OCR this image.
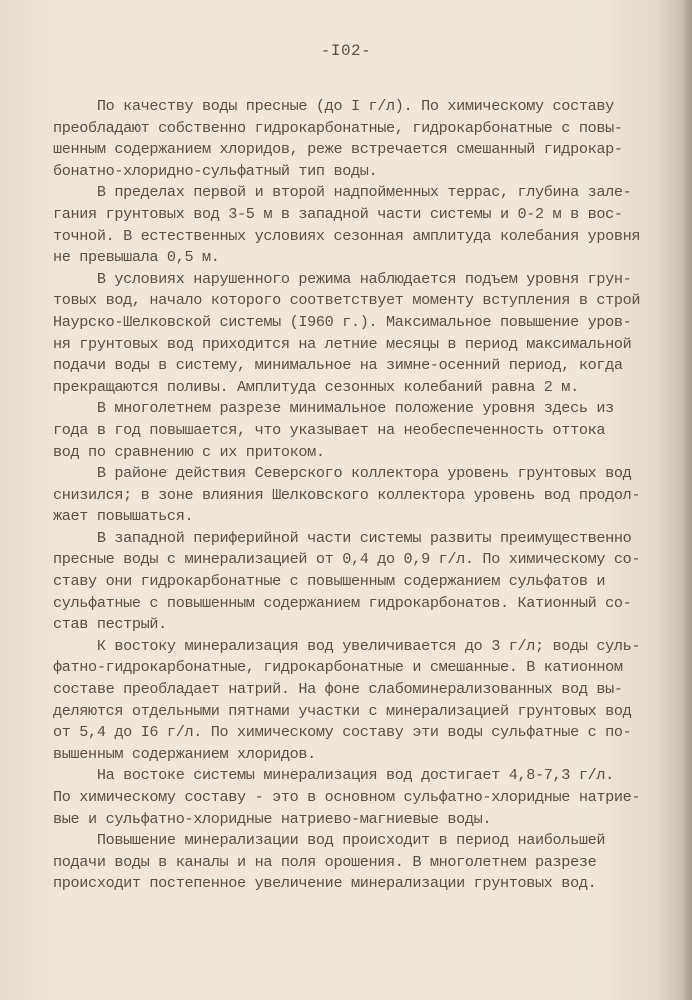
-I02-
По качеству воды пресные (до I г/л). По химическому составу
преобладают собственно гидрокарбонатные, гидрокарбонатные с повы-
шенным содержанием хлоридов, реже встречается смешанный гидрокар-
бонатно-хлоридно-сульфатный тип воды.
В пределах первой и второй надпойменных террас, глубина зале-
гания грунтовых вод 3-5 м в западной части системы и 0-2 м в вос-
точной. В естественных условиях сезонная амплитуда колебания уровня
не превышала 0,5 м.
В условиях нарушенного режима наблюдается подъем уровня грун-
товых вод, начало которого соответствует моменту вступления в строй
Наурско-Шелковской системы (I960 г.). Максимальное повышение уров-
ня грунтовых вод приходится на летние месяцы в период максимальной
подачи воды в систему, минимальное на зимне-осенний период, когда
прекращаются поливы. Амплитуда сезонных колебаний равна 2 м.
В многолетнем разрезе минимальное положение уровня здесь из
года в год повышается, что указывает на необеспеченность оттока
вод по сравнению с их притоком.
В районе действия Северского коллектора уровень грунтовых вод
снизился; в зоне влияния Шелковского коллектора уровень вод продол-
жает повышаться.
В западной периферийной части системы развиты преимущественно
пресные воды с минерализацией от 0,4 до 0,9 г/л. По химическому со-
ставу они гидрокарбонатные с повышенным содержанием сульфатов и
сульфатные с повышенным содержанием гидрокарбонатов. Катионный со-
став пестрый.
К востоку минерализация вод увеличивается до 3 г/л; воды суль-
фатно-гидрокарбонатные, гидрокарбонатные и смешанные. В катионном
составе преобладает натрий. На фоне слабоминерализованных вод вы-
деляются отдельными пятнами участки с минерализацией грунтовых вод
от 5,4 до I6 г/л. По химическому составу эти воды сульфатные с по-
вышенным содержанием хлоридов.
На востоке системы минерализация вод достигает 4,8-7,3 г/л.
По химическому составу - это в основном сульфатно-хлоридные натрие-
вые и сульфатно-хлоридные натриево-магниевые воды.
Повышение минерализации вод происходит в период наибольшей
подачи воды в каналы и на поля орошения. В многолетнем разрезе
происходит постепенное увеличение минерализации грунтовых вод.
